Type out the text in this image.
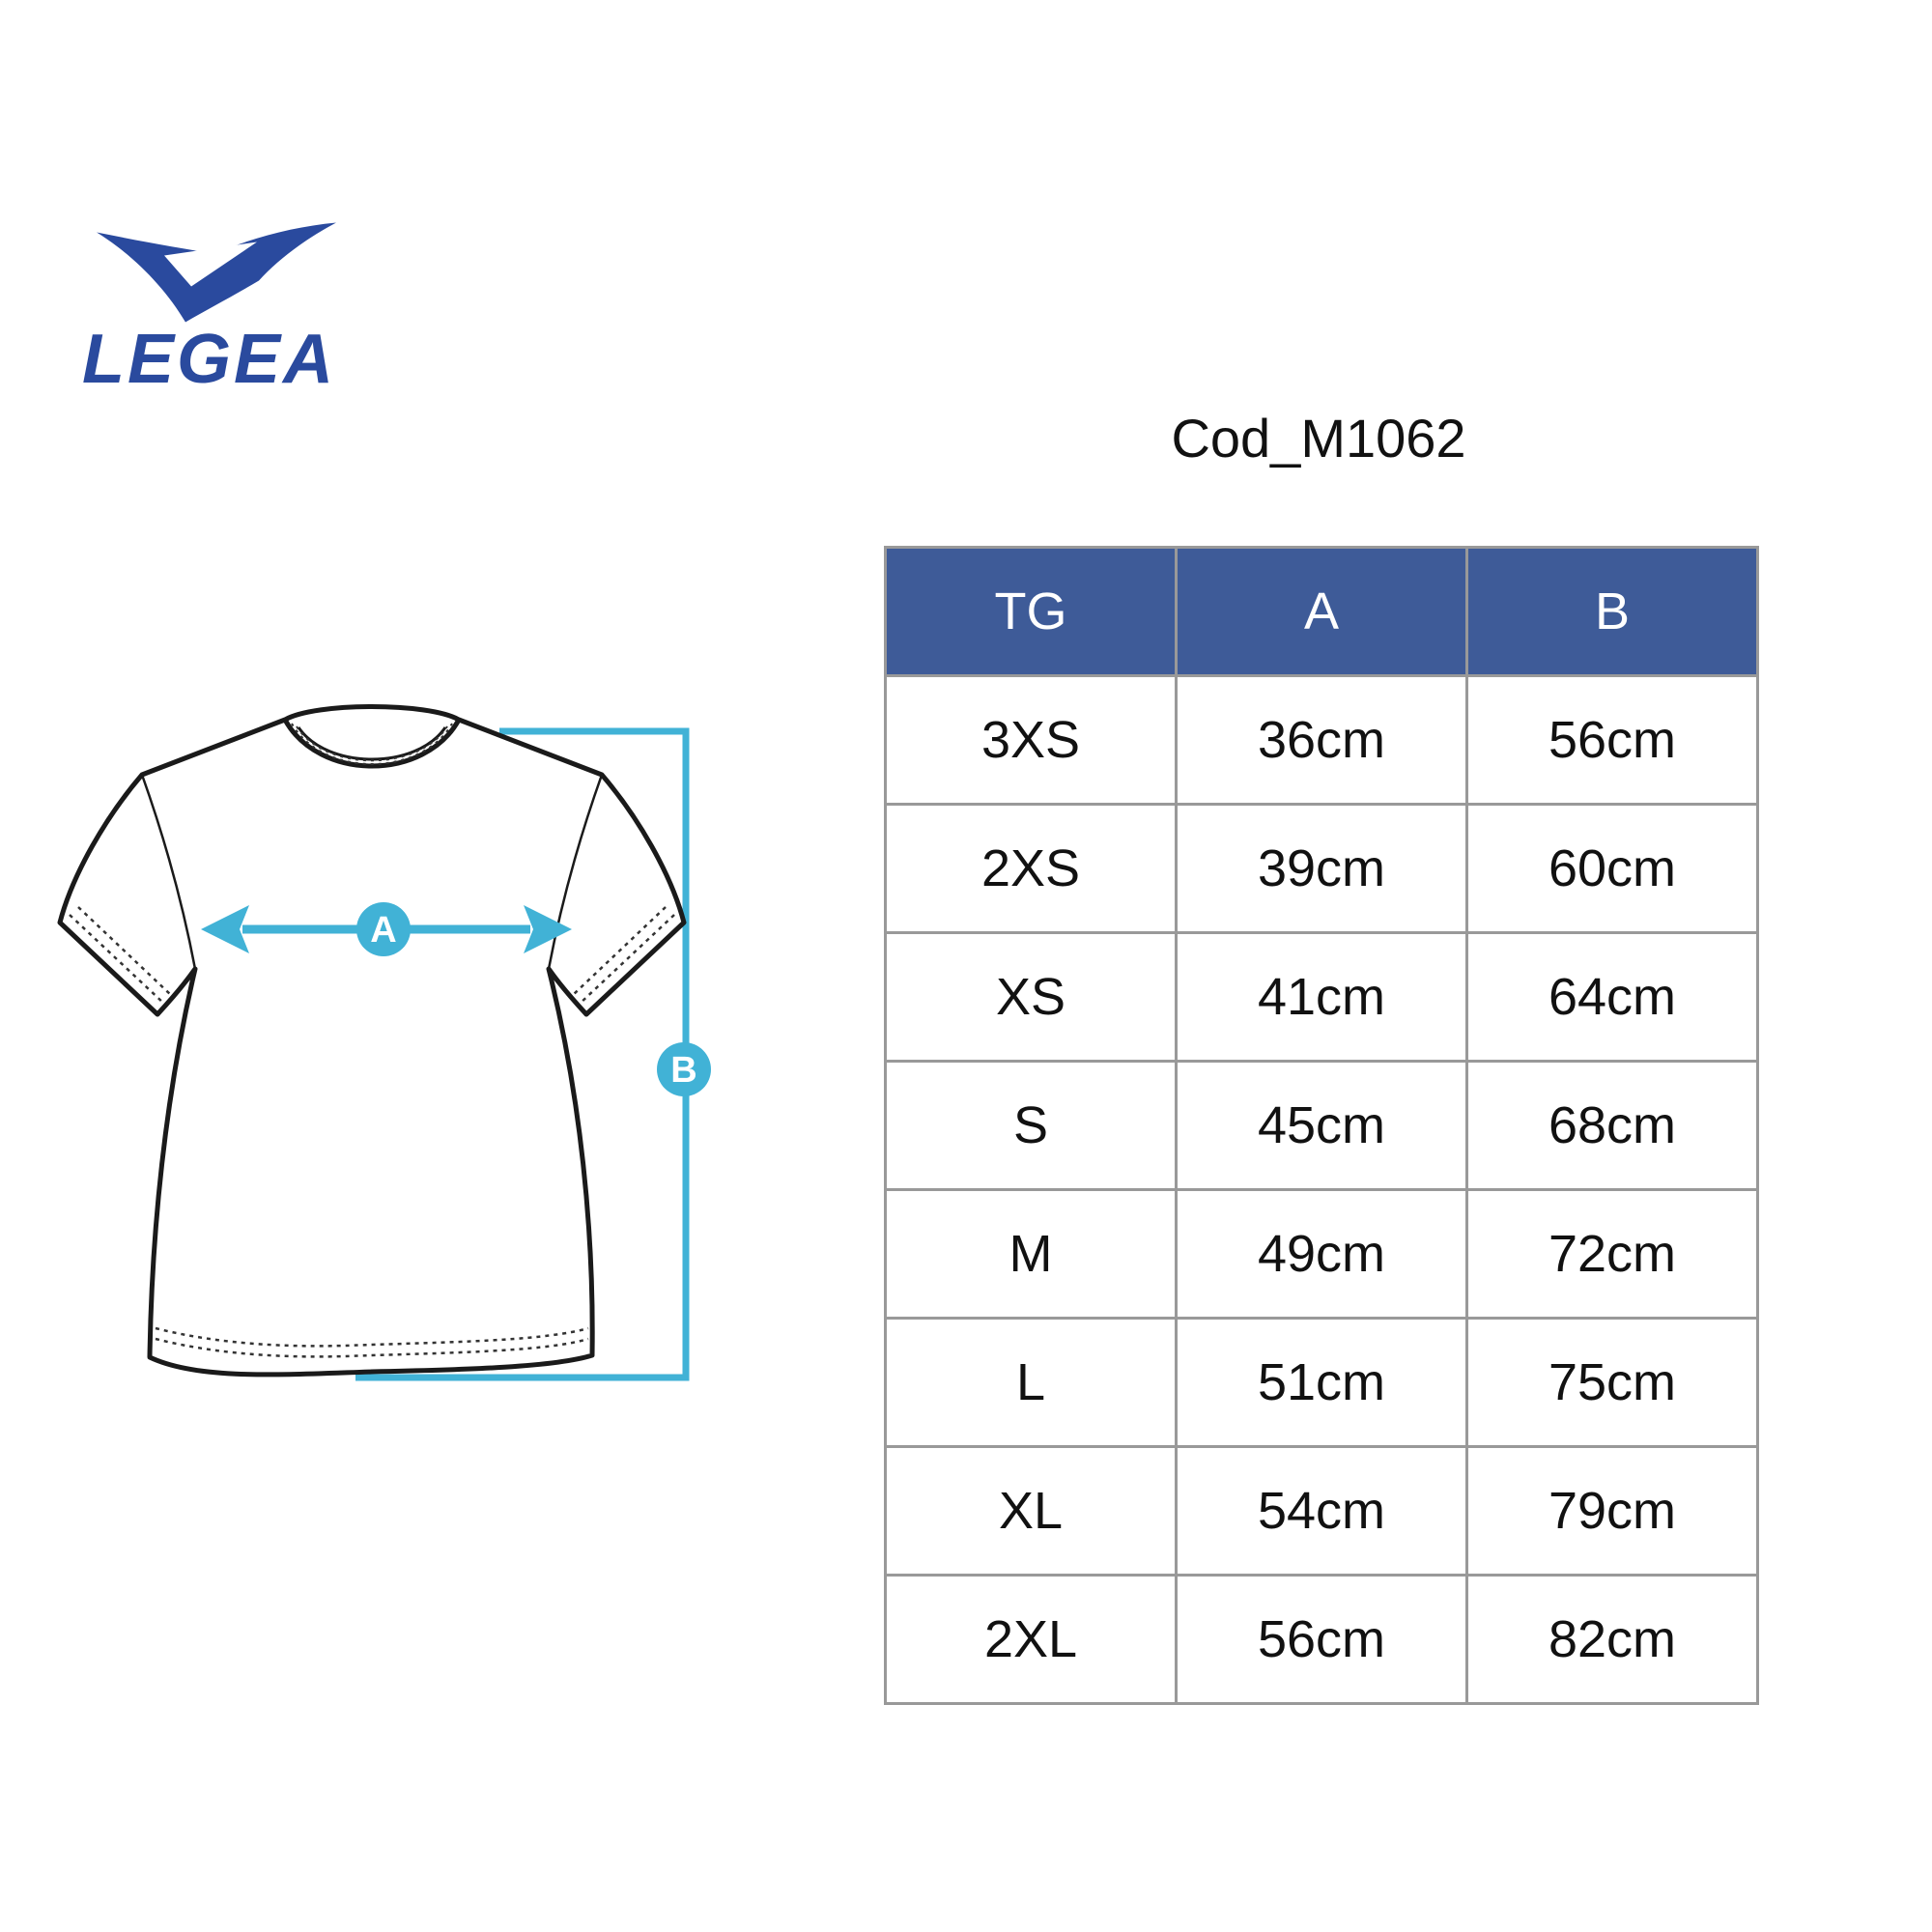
LEGEA
Cod_M1062
A
B
TG	A	B
3XS	36cm	56cm
2XS	39cm	60cm
XS	41cm	64cm
S	45cm	68cm
M	49cm	72cm
L	51cm	75cm
XL	54cm	79cm
2XL	56cm	82cm
